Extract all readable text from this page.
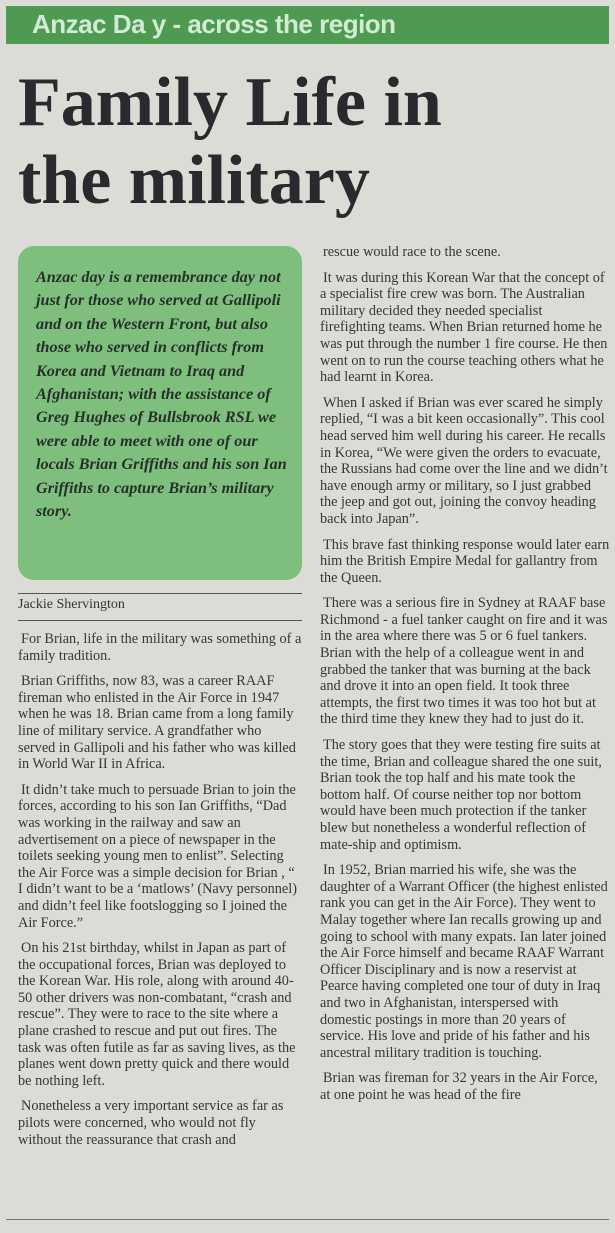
Anzac Da y - across the region
Family Life in
the military
Anzac day is a remembrance day not just for those who served at Gallipoli and on the Western Front, but also those who served in conflicts from Korea and Vietnam to Iraq and Afghanistan; with the assistance of Greg Hughes of Bullsbrook RSL we were able to meet with one of our locals Brian Griffiths and his son Ian Griffiths to capture Brian’s military story.
Jackie Shervington

For Brian, life in the military was something of a family tradition.

Brian Griffiths, now 83, was a career RAAF fireman who enlisted in the Air Force in 1947 when he was 18. Brian came from a long family line of military service. A grandfather who served in Gallipoli and his father who was killed in World War II in Africa.

It didn’t take much to persuade Brian to join the forces, according to his son Ian Griffiths, “Dad was working in the railway and saw an advertisement on a piece of newspaper in the toilets seeking young men to enlist”. Selecting the Air Force was a simple decision for Brian , “ I didn’t want to be a ‘matlows’ (Navy personnel) and didn’t feel like footslogging so I joined the Air Force.”

On his 21st birthday, whilst in Japan as part of the occupational forces, Brian was deployed to the Korean War. His role, along with around 40-50 other drivers was non-combatant, “crash and rescue”. They were to race to the site where a plane crashed to rescue and put out fires. The task was often futile as far as saving lives, as the planes went down pretty quick and there would be nothing left.

Nonetheless a very important service as far as pilots were concerned, who would not fly without the reassurance that crash and

rescue would race to the scene.

It was during this Korean War that the concept of a specialist fire crew was born. The Australian military decided they needed specialist firefighting teams. When Brian returned home he was put through the number 1 fire course. He then went on to run the course teaching others what he had learnt in Korea.

When I asked if Brian was ever scared he simply replied, “I was a bit keen occasionally”. This cool head served him well during his career. He recalls in Korea, “We were given the orders to evacuate, the Russians had come over the line and we didn’t have enough army or military, so I just grabbed the jeep and got out, joining the convoy heading back into Japan”.

This brave fast thinking response would later earn him the British Empire Medal for gallantry from the Queen.

There was a serious fire in Sydney at RAAF base Richmond - a fuel tanker caught on fire and it was in the area where there was 5 or 6 fuel tankers. Brian with the help of a colleague went in and grabbed the tanker that was burning at the back and drove it into an open field. It took three attempts, the first two times it was too hot but at the third time they knew they had to just do it.

The story goes that they were testing fire suits at the time, Brian and colleague shared the one suit, Brian took the top half and his mate took the bottom half. Of course neither top nor bottom would have been much protection if the tanker blew but nonetheless a wonderful reflection of mate-ship and optimism.

In 1952, Brian married his wife, she was the daughter of a Warrant Officer (the highest enlisted rank you can get in the Air Force). They went to Malay together where Ian recalls growing up and going to school with many expats. Ian later joined the Air Force himself and became RAAF Warrant Officer Disciplinary and is now a reservist at Pearce having completed one tour of duty in Iraq and two in Afghanistan, interspersed with domestic postings in more than 20 years of service. His love and pride of his father and his ancestral military tradition is touching.

Brian was fireman for 32 years in the Air Force, at one point he was head of the fire
